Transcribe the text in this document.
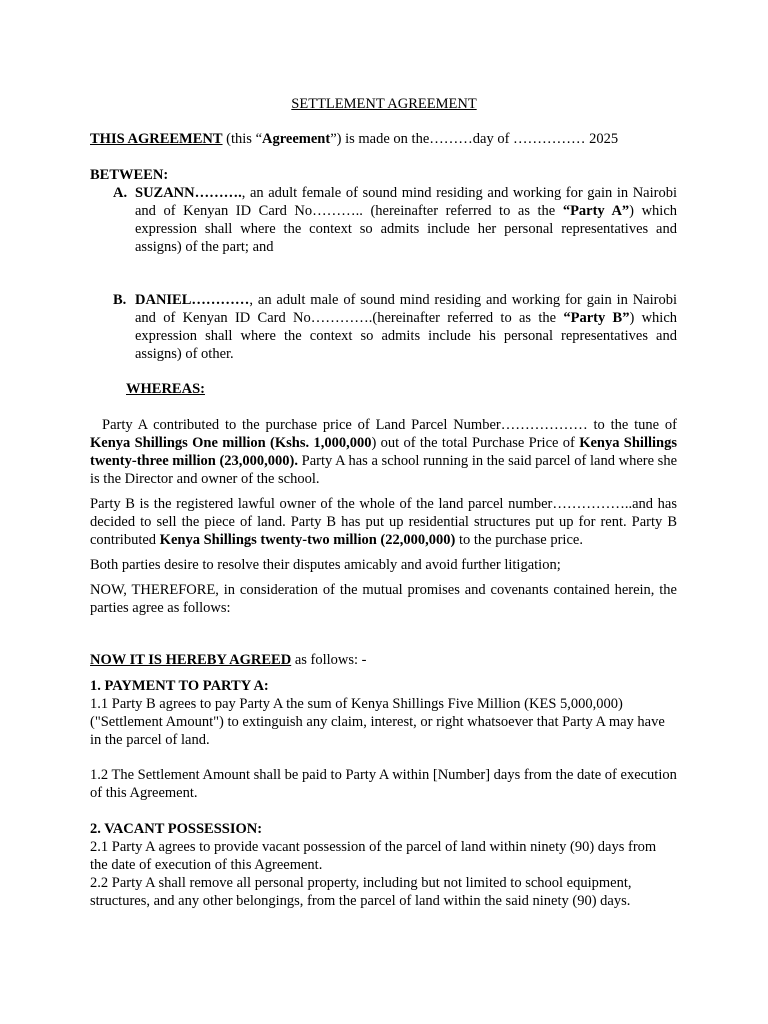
SETTLEMENT AGREEMENT

THIS AGREEMENT (this “Agreement”) is made on the………day of …………… 2025

BETWEEN:

A. SUZANN………., an adult female of sound mind residing and working for gain in Nairobi and of Kenyan ID Card No……….. (hereinafter referred to as the “Party A”) which expression shall where the context so admits include her personal representatives and assigns) of the part; and

B. DANIEL…………, an adult male of sound mind residing and working for gain in Nairobi and of Kenyan ID Card No………….(hereinafter referred to as the “Party B”) which expression shall where the context so admits include his personal representatives and assigns) of other.

WHEREAS:

Party A contributed to the purchase price of Land Parcel Number……………… to the tune of Kenya Shillings One million (Kshs. 1,000,000) out of the total Purchase Price of Kenya Shillings twenty-three million (23,000,000). Party A has a school running in the said parcel of land where she is the Director and owner of the school.

Party B is the registered lawful owner of the whole of the land parcel number……………..and has decided to sell the piece of land. Party B has put up residential structures put up for rent. Party B contributed Kenya Shillings twenty-two million (22,000,000) to the purchase price.

Both parties desire to resolve their disputes amicably and avoid further litigation;

NOW, THEREFORE, in consideration of the mutual promises and covenants contained herein, the parties agree as follows:

NOW IT IS HEREBY AGREED as follows: -

1. PAYMENT TO PARTY A:

1.1 Party B agrees to pay Party A the sum of Kenya Shillings Five Million (KES 5,000,000) ("Settlement Amount") to extinguish any claim, interest, or right whatsoever that Party A may have in the parcel of land.

1.2 The Settlement Amount shall be paid to Party A within [Number] days from the date of execution of this Agreement.

2. VACANT POSSESSION:

2.1 Party A agrees to provide vacant possession of the parcel of land within ninety (90) days from the date of execution of this Agreement.

2.2 Party A shall remove all personal property, including but not limited to school equipment, structures, and any other belongings, from the parcel of land within the said ninety (90) days.
